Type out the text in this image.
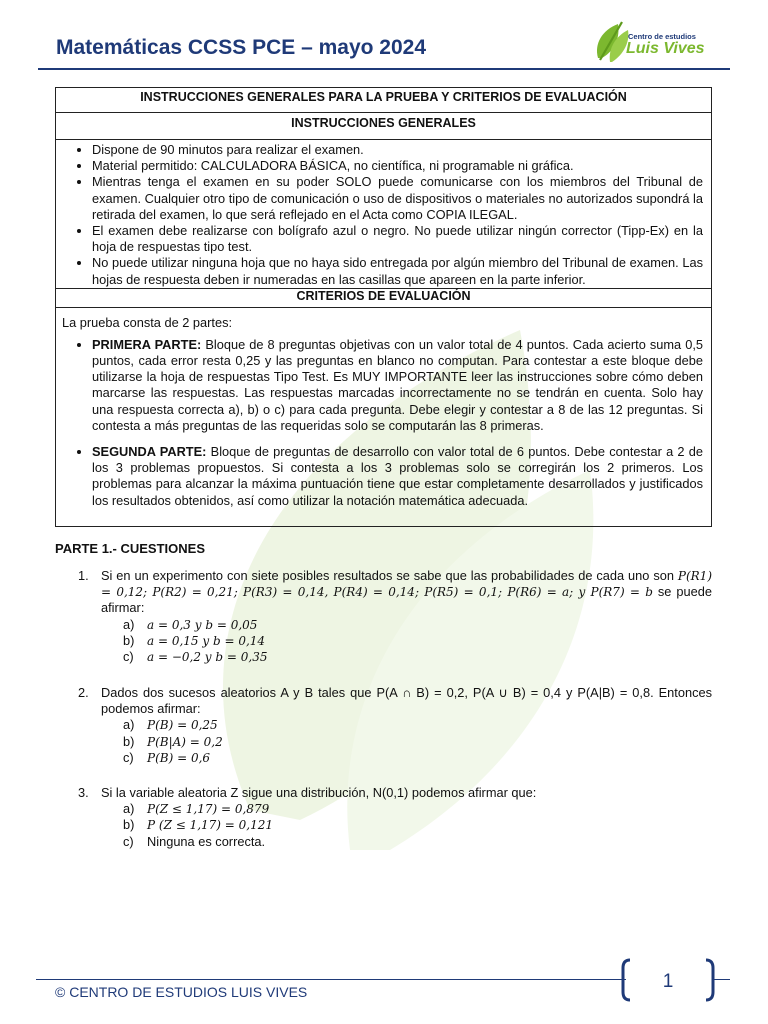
Matemáticas CCSS PCE – mayo 2024	Centro de estudios
Luis Vives
INSTRUCCIONES GENERALES PARA LA PRUEBA Y CRITERIOS DE EVALUACIÓN
INSTRUCCIONES GENERALES
• Dispone de 90 minutos para realizar el examen.
• Material permitido: CALCULADORA BÁSICA, no científica, ni programable ni gráfica.
• Mientras tenga el examen en su poder SOLO puede comunicarse con los miembros del Tribunal de examen. Cualquier otro tipo de comunicación o uso de dispositivos o materiales no autorizados supondrá la retirada del examen, lo que será reflejado en el Acta como COPIA ILEGAL.
• El examen debe realizarse con bolígrafo azul o negro. No puede utilizar ningún corrector (Tipp-Ex) en la hoja de respuestas tipo test.
• No puede utilizar ninguna hoja que no haya sido entregada por algún miembro del Tribunal de examen. Las hojas de respuesta deben ir numeradas en las casillas que apareen en la parte inferior.
CRITERIOS DE EVALUACIÓN
La prueba consta de 2 partes:
• PRIMERA PARTE: Bloque de 8 preguntas objetivas con un valor total de 4 puntos. Cada acierto suma 0,5 puntos, cada error resta 0,25 y las preguntas en blanco no computan. Para contestar a este bloque debe utilizarse la hoja de respuestas Tipo Test. Es MUY IMPORTANTE leer las instrucciones sobre cómo deben marcarse las respuestas. Las respuestas marcadas incorrectamente no se tendrán en cuenta. Solo hay una respuesta correcta a), b) o c) para cada pregunta. Debe elegir y contestar a 8 de las 12 preguntas. Si contesta a más preguntas de las requeridas solo se computarán las 8 primeras.
• SEGUNDA PARTE: Bloque de preguntas de desarrollo con valor total de 6 puntos. Debe contestar a 2 de los 3 problemas propuestos. Si contesta a los 3 problemas solo se corregirán los 2 primeros. Los problemas para alcanzar la máxima puntuación tiene que estar completamente desarrollados y justificados los resultados obtenidos, así como utilizar la notación matemática adecuada.
PARTE 1.- CUESTIONES
1. Si en un experimento con siete posibles resultados se sabe que las probabilidades de cada uno son P(R1) = 0,12; P(R2) = 0,21; P(R3) = 0,14, P(R4) = 0,14; P(R5) = 0,1; P(R6) = a; y P(R7) = b se puede afirmar:
a) a = 0,3 y b = 0,05
b) a = 0,15 y b = 0,14
c) a = −0,2 y b = 0,35
2. Dados dos sucesos aleatorios A y B tales que P(A ∩ B) = 0,2, P(A ∪ B) = 0,4 y P(A|B) = 0,8. Entonces podemos afirmar:
a) P(B) = 0,25
b) P(B|A) = 0,2
c) P(B) = 0,6
3. Si la variable aleatoria Z sigue una distribución, N(0,1) podemos afirmar que:
a) P(Z ≤ 1,17) = 0,879
b) P (Z ≤ 1,17) = 0,121
c) Ninguna es correcta.
© CENTRO DE ESTUDIOS LUIS VIVES	1
